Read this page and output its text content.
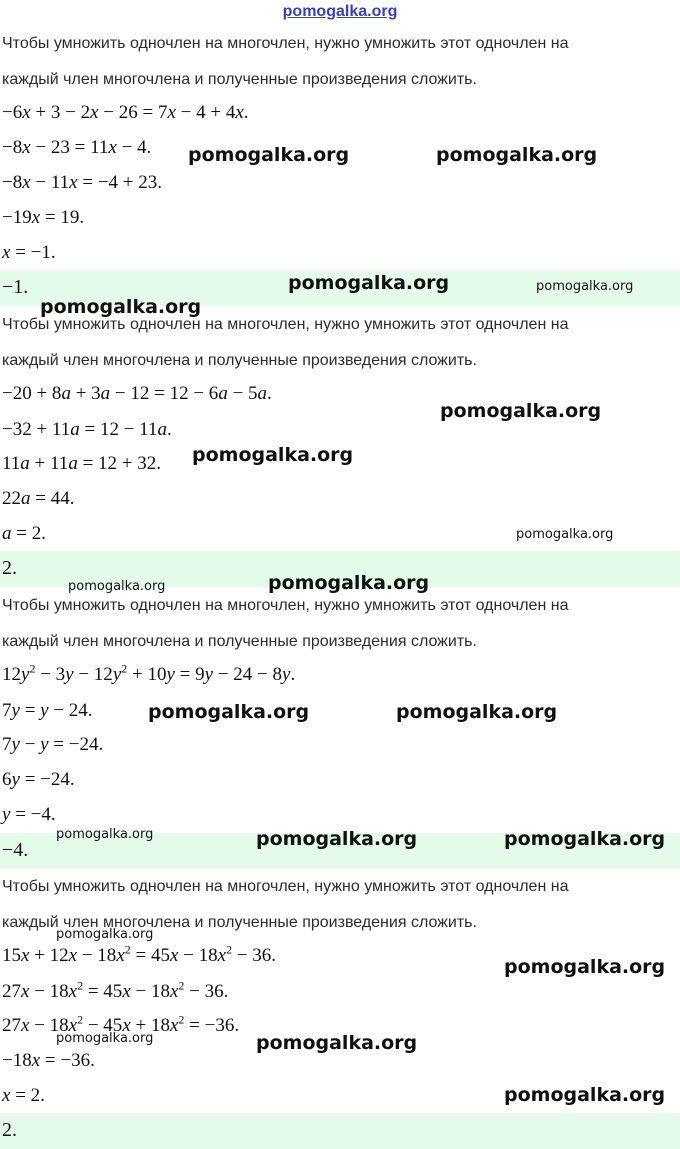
pomogalka.org
Чтобы умножить одночлен на многочлен, нужно умножить этот одночлен на
каждый член многочлена и полученные произведения сложить.
−6x + 3 − 2x − 26 = 7x − 4 + 4x.
−8x − 23 = 11x − 4.
−8x − 11x = −4 + 23.
−19x = 19.
x = −1.
−1.
Чтобы умножить одночлен на многочлен, нужно умножить этот одночлен на
каждый член многочлена и полученные произведения сложить.
−20 + 8a + 3a − 12 = 12 − 6a − 5a.
−32 + 11a = 12 − 11a.
11a + 11a = 12 + 32.
22a = 44.
a = 2.
2.
Чтобы умножить одночлен на многочлен, нужно умножить этот одночлен на
каждый член многочлена и полученные произведения сложить.
$12y^2 - 3y - 12y^2 + 10y = 9y - 24 - 8y$.
7y = y − 24.
7y − y = −24.
6y = −24.
y = −4.
−4.
Чтобы умножить одночлен на многочлен, нужно умножить этот одночлен на
каждый член многочлена и полученные произведения сложить.
$15x + 12x - 18x^2 = 45x - 18x^2 - 36$.
$27x - 18x^2 = 45x - 18x^2 - 36$.
$27x - 18x^2 - 45x + 18x^2 = -36$.
−18x = −36.
x = 2.
2.
pomogalka.org	pomogalka.org
pomogalka.org	pomogalka.org
pomogalka.org
pomogalka.org
pomogalka.org
pomogalka.org
pomogalka.org	pomogalka.org
pomogalka.org	pomogalka.org
pomogalka.org	pomogalka.org	pomogalka.org
pomogalka.org
pomogalka.org
pomogalka.org	pomogalka.org
pomogalka.org
